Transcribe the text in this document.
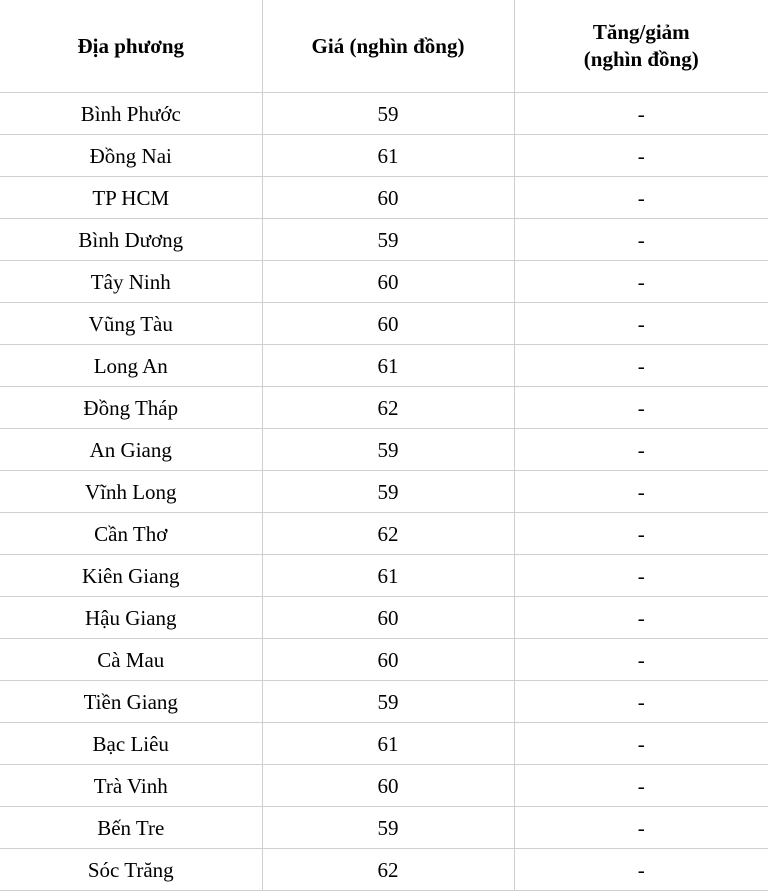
Địa phương	Giá (nghìn đồng)	Tăng/giảm
(nghìn đồng)

Bình Phước	59	-
Đồng Nai	61	-
TP HCM	60	-
Bình Dương	59	-
Tây Ninh	60	-
Vũng Tàu	60	-
Long An	61	-
Đồng Tháp	62	-
An Giang	59	-
Vĩnh Long	59	-
Cần Thơ	62	-
Kiên Giang	61	-
Hậu Giang	60	-
Cà Mau	60	-
Tiền Giang	59	-
Bạc Liêu	61	-
Trà Vinh	60	-
Bến Tre	59	-
Sóc Trăng	62	-
